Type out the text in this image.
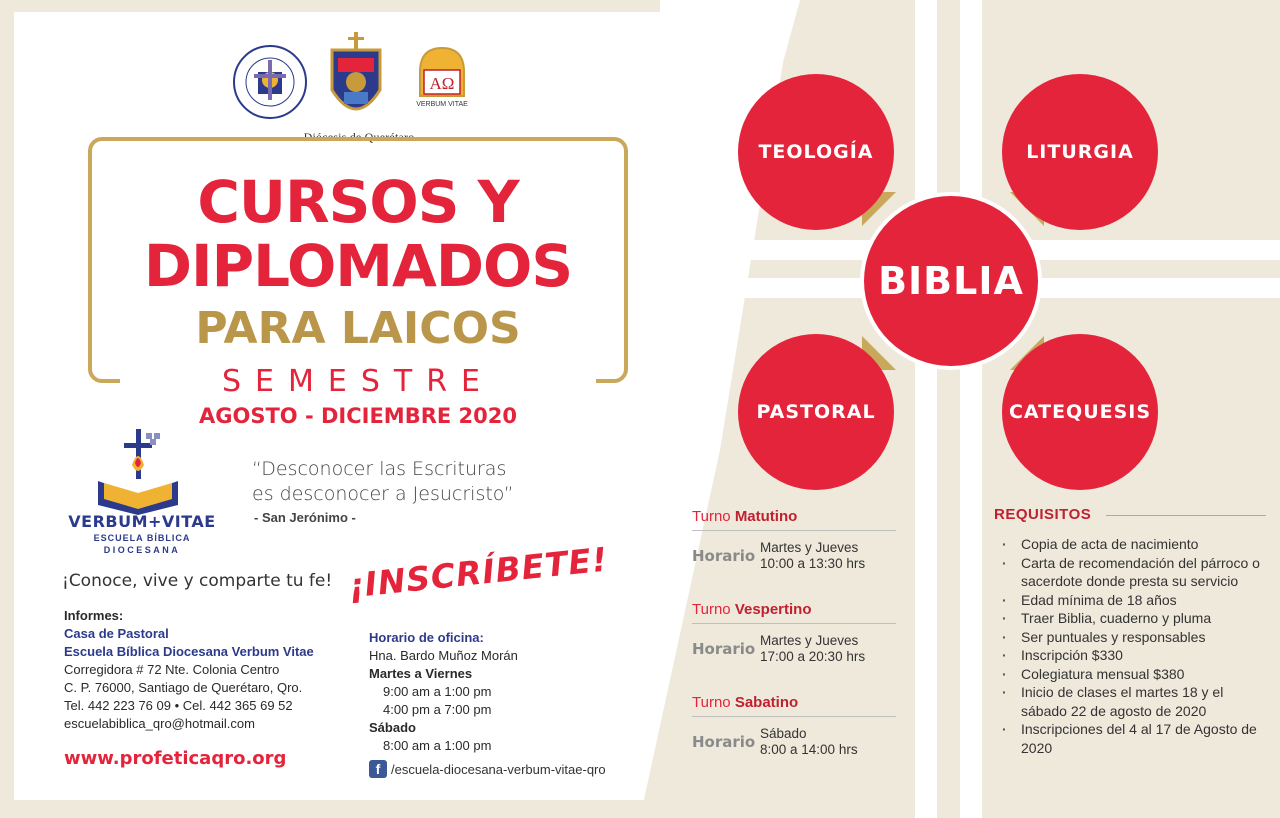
AΩ
VERBUM VITAE
Diócesis de Querétaro
CURSOS Y
DIPLOMADOS
PARA LAICOS
SEMESTRE
AGOSTO - DICIEMBRE 2020
VERBUM+VITAE
ESCUELA BÍBLICA
DIOCESANA
“Desconocer las Escrituras
es desconocer a Jesucristo”
- San Jerónimo -
¡Conoce, vive y comparte tu fe! ¡INSCRÍBETE!
Informes:
Casa de Pastoral
Escuela Bíblica Diocesana Verbum Vitae
Corregidora # 72 Nte. Colonia Centro
C. P. 76000, Santiago de Querétaro, Qro.
Tel. 442 223 76 09 • Cel. 442 365 69 52
escuelabiblica_qro@hotmail.com
www.profeticaqro.org
Horario de oficina:
Hna. Bardo Muñoz Morán
Martes a Viernes
9:00 am a 1:00 pm
4:00 pm a 7:00 pm
Sábado
8:00 am a 1:00 pm
f /escuela-diocesana-verbum-vitae-qro
TEOLOGÍA	LITURGIA
PASTORAL	CATEQUESIS
BIBLIA
Turno Matutino
Horario Martes y Jueves
10:00 a 13:30 hrs
Turno Vespertino
Horario Martes y Jueves
17:00 a 20:30 hrs
Turno Sabatino
Horario Sábado
8:00 a 14:00 hrs
REQUISITOS
· Copia de acta de nacimiento
· Carta de recomendación del párroco o sacerdote donde presta su servicio
· Edad mínima de 18 años
· Traer Biblia, cuaderno y pluma
· Ser puntuales y responsables
· Inscripción $330
· Colegiatura mensual $380
· Inicio de clases el martes 18 y el sábado 22 de agosto de 2020
· Inscripciones del 4 al 17 de Agosto de 2020
